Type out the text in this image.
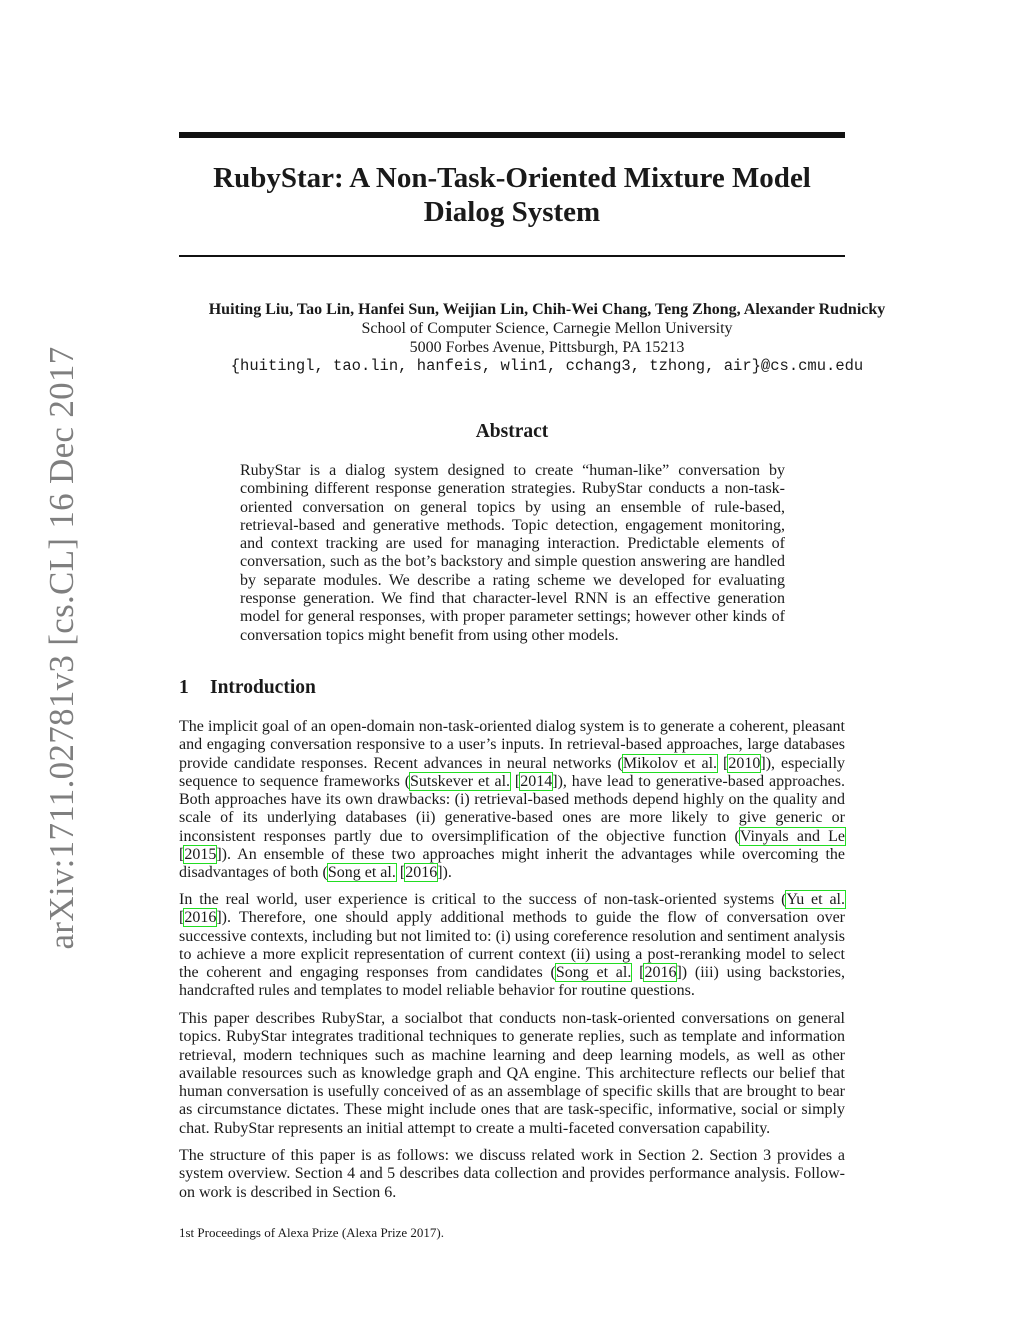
arXiv:1711.02781v3 [cs.CL] 16 Dec 2017
RubyStar: A Non-Task-Oriented Mixture Model
Dialog System
Huiting Liu, Tao Lin, Hanfei Sun, Weijian Lin, Chih-Wei Chang, Teng Zhong, Alexander Rudnicky
School of Computer Science, Carnegie Mellon University
5000 Forbes Avenue, Pittsburgh, PA 15213
{huitingl, tao.lin, hanfeis, wlin1, cchang3, tzhong, air}@cs.cmu.edu
Abstract

RubyStar is a dialog system designed to create “human-like” conversation by combining different response generation strategies. RubyStar conducts a non-task-oriented conversation on general topics by using an ensemble of rule-based, retrieval-based and generative methods. Topic detection, engagement monitoring, and context tracking are used for managing interaction. Predictable elements of conversation, such as the bot’s backstory and simple question answering are handled by separate modules. We describe a rating scheme we developed for evaluating response generation. We find that character-level RNN is an effective generation model for general responses, with proper parameter settings; however other kinds of conversation topics might benefit from using other models.

1 Introduction

The implicit goal of an open-domain non-task-oriented dialog system is to generate a coherent, pleasant and engaging conversation responsive to a user’s inputs. In retrieval-based approaches, large databases provide candidate responses. Recent advances in neural networks (Mikolov et al. [2010]), especially sequence to sequence frameworks (Sutskever et al. [2014]), have lead to generative-based approaches. Both approaches have its own drawbacks: (i) retrieval-based methods depend highly on the quality and scale of its underlying databases (ii) generative-based ones are more likely to give generic or inconsistent responses partly due to oversimplification of the objective function (Vinyals and Le [2015]). An ensemble of these two approaches might inherit the advantages while overcoming the disadvantages of both (Song et al. [2016]).

In the real world, user experience is critical to the success of non-task-oriented systems (Yu et al. [2016]). Therefore, one should apply additional methods to guide the flow of conversation over successive contexts, including but not limited to: (i) using coreference resolution and sentiment analysis to achieve a more explicit representation of current context (ii) using a post-reranking model to select the coherent and engaging responses from candidates (Song et al. [2016]) (iii) using backstories, handcrafted rules and templates to model reliable behavior for routine questions.

This paper describes RubyStar, a socialbot that conducts non-task-oriented conversations on general topics. RubyStar integrates traditional techniques to generate replies, such as template and information retrieval, modern techniques such as machine learning and deep learning models, as well as other available resources such as knowledge graph and QA engine. This architecture reflects our belief that human conversation is usefully conceived of as an assemblage of specific skills that are brought to bear as circumstance dictates. These might include ones that are task-specific, informative, social or simply chat. RubyStar represents an initial attempt to create a multi-faceted conversation capability.

The structure of this paper is as follows: we discuss related work in Section 2. Section 3 provides a system overview. Section 4 and 5 describes data collection and provides performance analysis. Follow-on work is described in Section 6.

1st Proceedings of Alexa Prize (Alexa Prize 2017).
